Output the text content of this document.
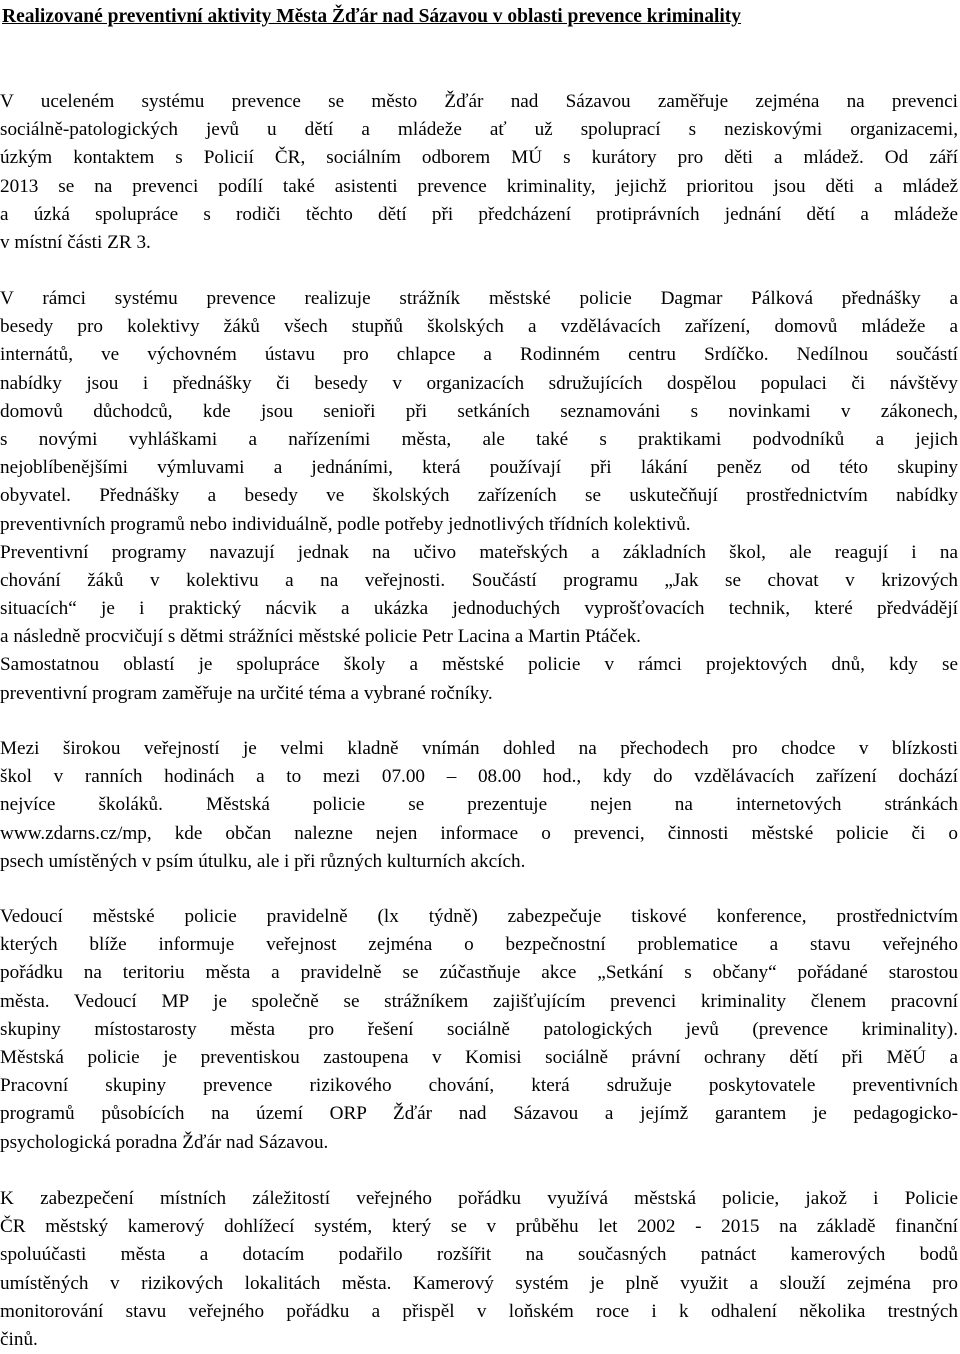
Realizované preventivní aktivity Města Žďár nad Sázavou v oblasti prevence kriminality
V uceleném systému prevence se město Žďár nad Sázavou zaměřuje zejména na prevenci
sociálně-patologických jevů u dětí a mládeže ať už spoluprací s neziskovými organizacemi,
úzkým kontaktem s Policií ČR, sociálním odborem MÚ s kurátory pro děti a mládež. Od září
2013 se na prevenci podílí také asistenti prevence kriminality, jejichž prioritou jsou děti a mládež
a úzká spolupráce s rodiči těchto dětí při předcházení protiprávních jednání dětí a mládeže
v místní části ZR 3.
V rámci systému prevence realizuje strážník městské policie Dagmar Pálková přednášky a
besedy pro kolektivy žáků všech stupňů školských a vzdělávacích zařízení, domovů mládeže a
internátů, ve výchovném ústavu pro chlapce a Rodinném centru Srdíčko. Nedílnou součástí
nabídky jsou i přednášky či besedy v organizacích sdružujících dospělou populaci či návštěvy
domovů důchodců, kde jsou senioři při setkáních seznamováni s novinkami v zákonech,
s novými vyhláškami a nařízeními města, ale také s praktikami podvodníků a jejich
nejoblíbenějšími výmluvami a jednáními, která používají při lákání peněz od této skupiny
obyvatel. Přednášky a besedy ve školských zařízeních se uskutečňují prostřednictvím nabídky
preventivních programů nebo individuálně, podle potřeby jednotlivých třídních kolektivů.
Preventivní programy navazují jednak na učivo mateřských a základních škol, ale reagují i na
chování žáků v kolektivu a na veřejnosti. Součástí programu „Jak se chovat v krizových
situacích“ je i praktický nácvik a ukázka jednoduchých vyprošťovacích technik, které předvádějí
a následně procvičují s dětmi strážníci městské policie Petr Lacina a Martin Ptáček.
Samostatnou oblastí je spolupráce školy a městské policie v rámci projektových dnů, kdy se
preventivní program zaměřuje na určité téma a vybrané ročníky.
Mezi širokou veřejností je velmi kladně vnímán dohled na přechodech pro chodce v blízkosti
škol v ranních hodinách a to mezi 07.00 – 08.00 hod., kdy do vzdělávacích zařízení dochází
nejvíce školáků. Městská policie se prezentuje nejen na internetových stránkách
www.zdarns.cz/mp, kde občan nalezne nejen informace o prevenci, činnosti městské policie či o
psech umístěných v psím útulku, ale i při různých kulturních akcích.
Vedoucí městské policie pravidelně (lx týdně) zabezpečuje tiskové konference, prostřednictvím
kterých blíže informuje veřejnost zejména o bezpečnostní problematice a stavu veřejného
pořádku na teritoriu města a pravidelně se zúčastňuje akce „Setkání s občany“ pořádané starostou
města. Vedoucí MP je společně se strážníkem zajišťujícím prevenci kriminality členem pracovní
skupiny místostarosty města pro řešení sociálně patologických jevů (prevence kriminality).
Městská policie je preventiskou zastoupena v Komisi sociálně právní ochrany dětí při MěÚ a
Pracovní skupiny prevence rizikového chování, která sdružuje poskytovatele preventivních
programů působících na území ORP Žďár nad Sázavou a jejímž garantem je pedagogicko-
psychologická poradna Žďár nad Sázavou.
K zabezpečení místních záležitostí veřejného pořádku využívá městská policie, jakož i Policie
ČR městský kamerový dohlížecí systém, který se v průběhu let 2002 - 2015 na základě finanční
spoluúčasti města a dotacím podařilo rozšířit na současných patnáct kamerových bodů
umístěných v rizikových lokalitách města. Kamerový systém je plně využit a slouží zejména pro
monitorování stavu veřejného pořádku a přispěl v loňském roce i k odhalení několika trestných
činů.
